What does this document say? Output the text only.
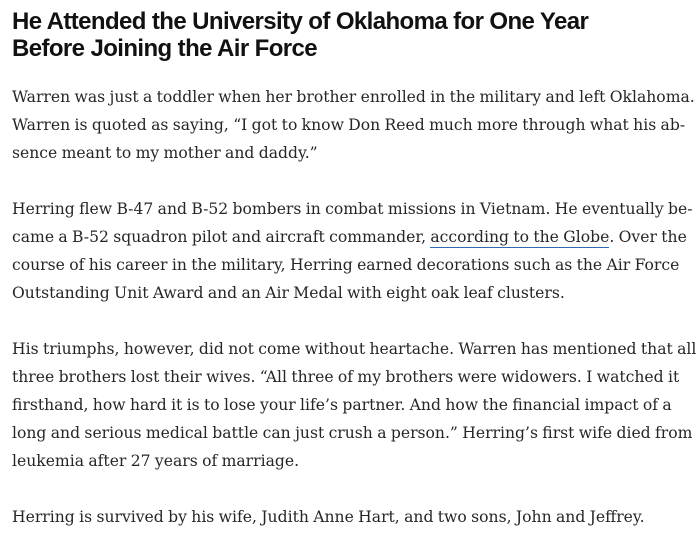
He Attended the University of Oklahoma for One Year
Before Joining the Air Force

Warren was just a toddler when her brother enrolled in the military and left Oklahoma.
Warren is quoted as saying, “I got to know Don Reed much more through what his ab-
sence meant to my mother and daddy.”

Herring flew B-47 and B-52 bombers in combat missions in Vietnam. He eventually be-
came a B-52 squadron pilot and aircraft commander, according to the Globe. Over the
course of his career in the military, Herring earned decorations such as the Air Force
Outstanding Unit Award and an Air Medal with eight oak leaf clusters.

His triumphs, however, did not come without heartache. Warren has mentioned that all
three brothers lost their wives. “All three of my brothers were widowers. I watched it
firsthand, how hard it is to lose your life’s partner. And how the financial impact of a
long and serious medical battle can just crush a person.” Herring’s first wife died from
leukemia after 27 years of marriage.

Herring is survived by his wife, Judith Anne Hart, and two sons, John and Jeffrey.
